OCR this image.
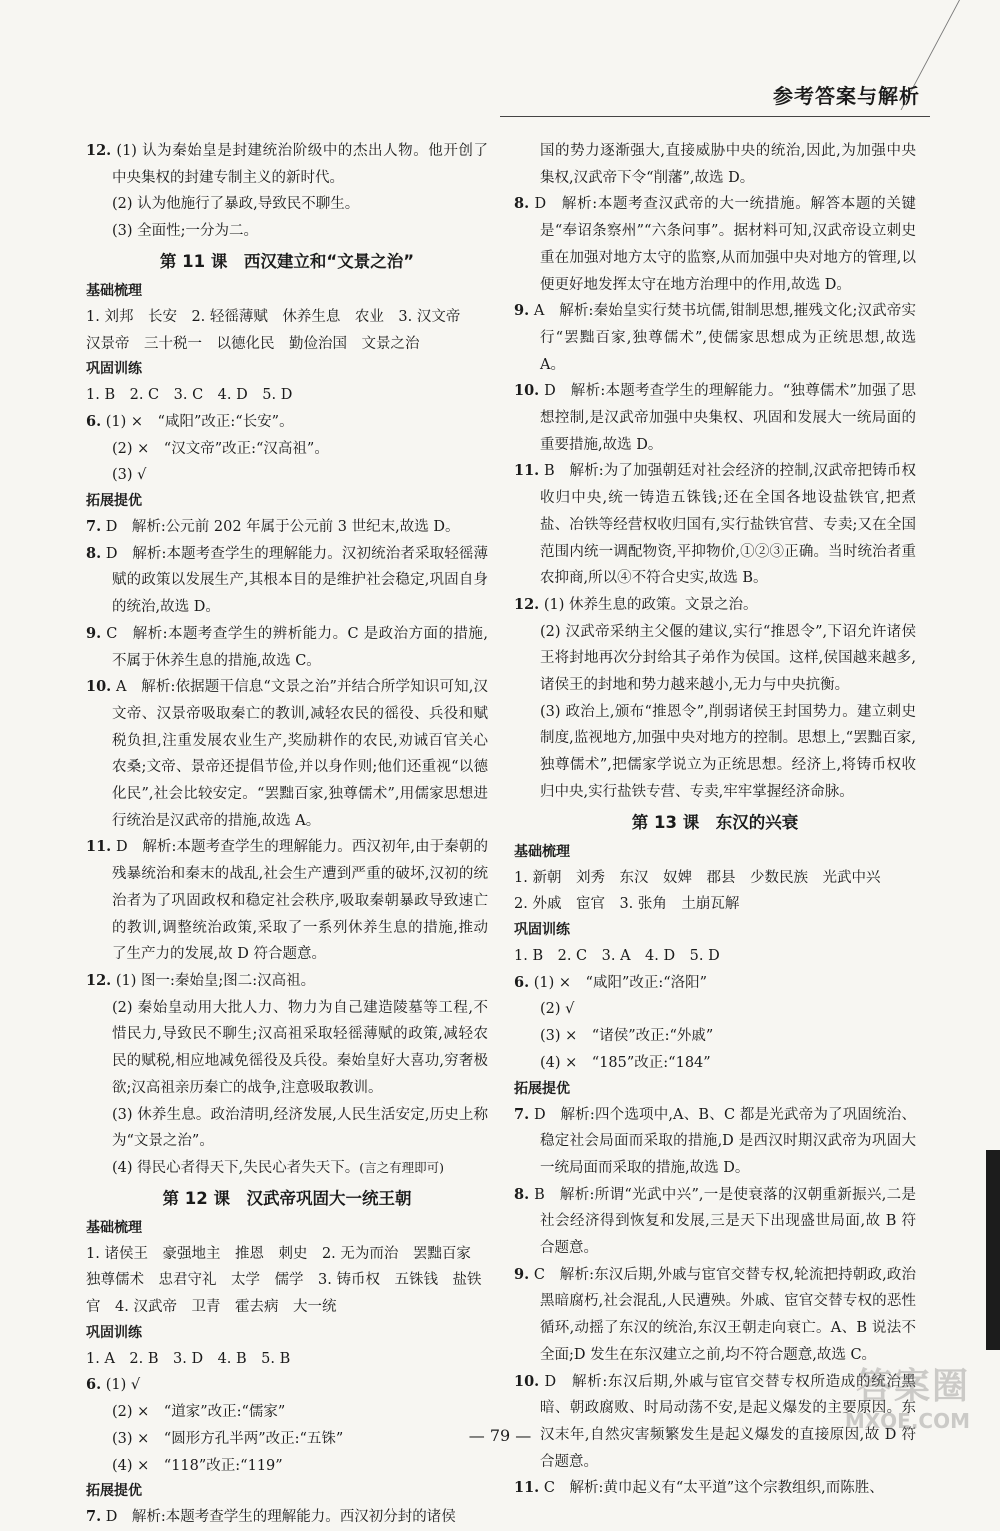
参考答案与解析
12. (1) 认为秦始皇是封建统治阶级中的杰出人物。他开创了中央集权的封建专制主义的新时代。
(2) 认为他施行了暴政,导致民不聊生。
(3) 全面性;一分为二。
第 11 课　西汉建立和“文景之治”
基础梳理
1. 刘邦　长安　2. 轻徭薄赋　休养生息　农业　3. 汉文帝　汉景帝　三十税一　以德化民　勤俭治国　文景之治
巩固训练
1. B　2. C　3. C　4. D　5. D
6. (1) ×　“咸阳”改正:“长安”。
(2) ×　“汉文帝”改正:“汉高祖”。
(3) √
拓展提优
7. D　解析:公元前 202 年属于公元前 3 世纪末,故选 D。
8. D　解析:本题考查学生的理解能力。汉初统治者采取轻徭薄赋的政策以发展生产,其根本目的是维护社会稳定,巩固自身的统治,故选 D。
9. C　解析:本题考查学生的辨析能力。C 是政治方面的措施,不属于休养生息的措施,故选 C。
10. A　解析:依据题干信息“文景之治”并结合所学知识可知,汉文帝、汉景帝吸取秦亡的教训,减轻农民的徭役、兵役和赋税负担,注重发展农业生产,奖励耕作的农民,劝诫百官关心农桑;文帝、景帝还提倡节俭,并以身作则;他们还重视“以德化民”,社会比较安定。“罢黜百家,独尊儒术”,用儒家思想进行统治是汉武帝的措施,故选 A。
11. D　解析:本题考查学生的理解能力。西汉初年,由于秦朝的残暴统治和秦末的战乱,社会生产遭到严重的破坏,汉初的统治者为了巩固政权和稳定社会秩序,吸取秦朝暴政导致速亡的教训,调整统治政策,采取了一系列休养生息的措施,推动了生产力的发展,故 D 符合题意。
12. (1) 图一:秦始皇;图二:汉高祖。
(2) 秦始皇动用大批人力、物力为自己建造陵墓等工程,不惜民力,导致民不聊生;汉高祖采取轻徭薄赋的政策,减轻农民的赋税,相应地减免徭役及兵役。秦始皇好大喜功,穷奢极欲;汉高祖亲历秦亡的战争,注意吸取教训。
(3) 休养生息。政治清明,经济发展,人民生活安定,历史上称为“文景之治”。
(4) 得民心者得天下,失民心者失天下。(言之有理即可)
第 12 课　汉武帝巩固大一统王朝
基础梳理
1. 诸侯王　豪强地主　推恩　刺史　2. 无为而治　罢黜百家　独尊儒术　忠君守礼　太学　儒学　3. 铸币权　五铢钱　盐铁官　4. 汉武帝　卫青　霍去病　大一统
巩固训练
1. A　2. B　3. D　4. B　5. B
6. (1) √
(2) ×　“道家”改正:“儒家”
(3) ×　“圆形方孔半两”改正:“五铢”
(4) ×　“118”改正:“119”
拓展提优
7. D　解析:本题考查学生的理解能力。西汉初分封的诸侯
国的势力逐渐强大,直接威胁中央的统治,因此,为加强中央集权,汉武帝下令“削藩”,故选 D。
8. D　解析:本题考查汉武帝的大一统措施。解答本题的关键是“奉诏条察州”“六条问事”。据材料可知,汉武帝设立刺史重在加强对地方太守的监察,从而加强中央对地方的管理,以便更好地发挥太守在地方治理中的作用,故选 D。
9. A　解析:秦始皇实行焚书坑儒,钳制思想,摧残文化;汉武帝实行“罢黜百家,独尊儒术”,使儒家思想成为正统思想,故选 A。
10. D　解析:本题考查学生的理解能力。“独尊儒术”加强了思想控制,是汉武帝加强中央集权、巩固和发展大一统局面的重要措施,故选 D。
11. B　解析:为了加强朝廷对社会经济的控制,汉武帝把铸币权收归中央,统一铸造五铢钱;还在全国各地设盐铁官,把煮盐、冶铁等经营权收归国有,实行盐铁官营、专卖;又在全国范围内统一调配物资,平抑物价,①②③正确。当时统治者重农抑商,所以④不符合史实,故选 B。
12. (1) 休养生息的政策。文景之治。
(2) 汉武帝采纳主父偃的建议,实行“推恩令”,下诏允许诸侯王将封地再次分封给其子弟作为侯国。这样,侯国越来越多,诸侯王的封地和势力越来越小,无力与中央抗衡。
(3) 政治上,颁布“推恩令”,削弱诸侯王封国势力。建立刺史制度,监视地方,加强中央对地方的控制。思想上,“罢黜百家,独尊儒术”,把儒家学说立为正统思想。经济上,将铸币权收归中央,实行盐铁专营、专卖,牢牢掌握经济命脉。
第 13 课　东汉的兴衰
基础梳理
1. 新朝　刘秀　东汉　奴婢　郡县　少数民族　光武中兴
2. 外戚　宦官　3. 张角　土崩瓦解
巩固训练
1. B　2. C　3. A　4. D　5. D
6. (1) ×　“咸阳”改正:“洛阳”
(2) √
(3) ×　“诸侯”改正:“外戚”
(4) ×　“185”改正:“184”
拓展提优
7. D　解析:四个选项中,A、B、C 都是光武帝为了巩固统治、稳定社会局面而采取的措施,D 是西汉时期汉武帝为巩固大一统局面而采取的措施,故选 D。
8. B　解析:所谓“光武中兴”,一是使衰落的汉朝重新振兴,二是社会经济得到恢复和发展,三是天下出现盛世局面,故 B 符合题意。
9. C　解析:东汉后期,外戚与宦官交替专权,轮流把持朝政,政治黑暗腐朽,社会混乱,人民遭殃。外戚、宦官交替专权的恶性循环,动摇了东汉的统治,东汉王朝走向衰亡。A、B 说法不全面;D 发生在东汉建立之前,均不符合题意,故选 C。
10. D　解析:东汉后期,外戚与宦官交替专权所造成的统治黑暗、朝政腐败、时局动荡不安,是起义爆发的主要原因。东汉末年,自然灾害频繁发生是起义爆发的直接原因,故 D 符合题意。
11. C　解析:黄巾起义有“太平道”这个宗教组织,而陈胜、
— 79 —
答案圈
MXQE.COM
